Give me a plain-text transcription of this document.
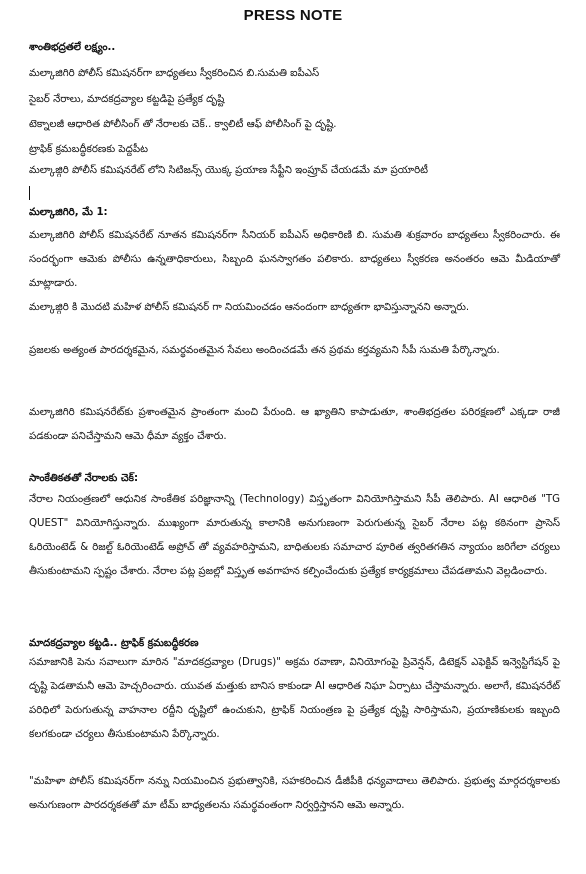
PRESS NOTE
శాంతిభద్రతలే లక్ష్యం..
మల్కాజిగిరి పోలీస్ కమిషనర్‌గా బాధ్యతలు స్వీకరించిన బి.సుమతి ఐపీఎస్
సైబర్ నేరాలు, మాదకద్రవ్యాల కట్టడిపై ప్రత్యేక దృష్టి
టెక్నాలజీ ఆధారిత పోలీసింగ్ తో నేరాలకు చెక్.. క్వాలిటీ ఆఫ్ పోలీసింగ్ పై దృష్టి.
ట్రాఫిక్ క్రమబద్ధీకరణకు పెద్దపీట
మల్కాజ్గిరి పోలీస్ కమిషనరేట్ లోని సిటిజన్స్ యొక్క ప్రయాణ సేఫ్టీని ఇంప్రూవ్ చేయడమే మా ప్రయారిటీ
మల్కాజిగిరి, మే 1:
మల్కాజిగిరి పోలీస్ కమిషనరేట్ నూతన కమిషనర్‌గా సీనియర్ ఐపీఎస్ అధికారిణి బి. సుమతి శుక్రవారం బాధ్యతలు స్వీకరించారు. ఈ సందర్భంగా ఆమెకు పోలీసు ఉన్నతాధికారులు, సిబ్బంది ఘనస్వాగతం పలికారు. బాధ్యతలు స్వీకరణ అనంతరం ఆమె మీడియాతో మాట్లాడారు.
మల్కాజ్గిరి కి మొదటి మహిళ పోలీస్ కమిషనర్ గా నియమించడం ఆనందంగా బాధ్యతగా భావిస్తున్నానని అన్నారు.
ప్రజలకు అత్యంత పారదర్శకమైన, సమర్థవంతమైన సేవలు అందించడమే తన ప్రథమ కర్తవ్యమని సీపీ సుమతి పేర్కొన్నారు.
మల్కాజిగిరి కమిషనరేట్‌కు ప్రశాంతమైన ప్రాంతంగా మంచి పేరుంది. ఆ ఖ్యాతిని కాపాడుతూ, శాంతిభద్రతల పరిరక్షణలో ఎక్కడా రాజీ పడకుండా పనిచేస్తామని ఆమె ధీమా వ్యక్తం చేశారు.
సాంకేతికతతో నేరాలకు చెక్:
నేరాల నియంత్రణలో ఆధునిక సాంకేతిక పరిజ్ఞానాన్ని (Technology) విస్తృతంగా వినియోగిస్తామని సీపీ తెలిపారు. AI ఆధారిత "TG QUEST" వినియోగిస్తున్నారు. ముఖ్యంగా మారుతున్న కాలానికి అనుగుణంగా పెరుగుతున్న సైబర్ నేరాల పట్ల కఠినంగా ప్రాసెస్ ఓరియెంటెడ్ & రిజల్ట్ ఓరియెంటెడ్ అప్రోచ్ తో వ్యవహరిస్తామని, బాధితులకు సమాచార పూరిత త్వరితగతిన న్యాయం జరిగేలా చర్యలు తీసుకుంటామని స్పష్టం చేశారు. నేరాల పట్ల ప్రజల్లో విస్తృత అవగాహన కల్పించేందుకు ప్రత్యేక కార్యక్రమాలు చేపడతామని వెల్లడించారు.
మాదకద్రవ్యాల కట్టడి.. ట్రాఫిక్ క్రమబద్ధీకరణ
సమాజానికి పెను సవాలుగా మారిన "మాదకద్రవ్యాల (Drugs)" అక్రమ రవాణా, వినియోగంపై ప్రివెన్షన్, డిటెక్షన్ ఎఫెక్టివ్ ఇన్వెస్టిగేషన్ పై దృష్టి పెడతామనీ ఆమె హెచ్చరించారు. యువత మత్తుకు బానిస కాకుండా AI ఆధారిత నిఘా ఏర్పాటు చేస్తామన్నారు. అలాగే, కమిషనరేట్ పరిధిలో పెరుగుతున్న వాహనాల రద్దీని దృష్టిలో ఉంచుకుని, ట్రాఫిక్ నియంత్రణ పై ప్రత్యేక దృష్టి సారిస్తామని, ప్రయాణికులకు ఇబ్బంది కలగకుండా చర్యలు తీసుకుంటామని పేర్కొన్నారు.
"మహిళా పోలీస్ కమిషనర్‌గా నన్ను నియమించిన ప్రభుత్వానికి, సహకరించిన డీజీపీకి ధన్యవాదాలు తెలిపారు. ప్రభుత్వ మార్గదర్శకాలకు అనుగుణంగా పారదర్శకతతో మా టీమ్ బాధ్యతలను సమర్థవంతంగా నిర్వర్తిస్తానని ఆమె అన్నారు.
